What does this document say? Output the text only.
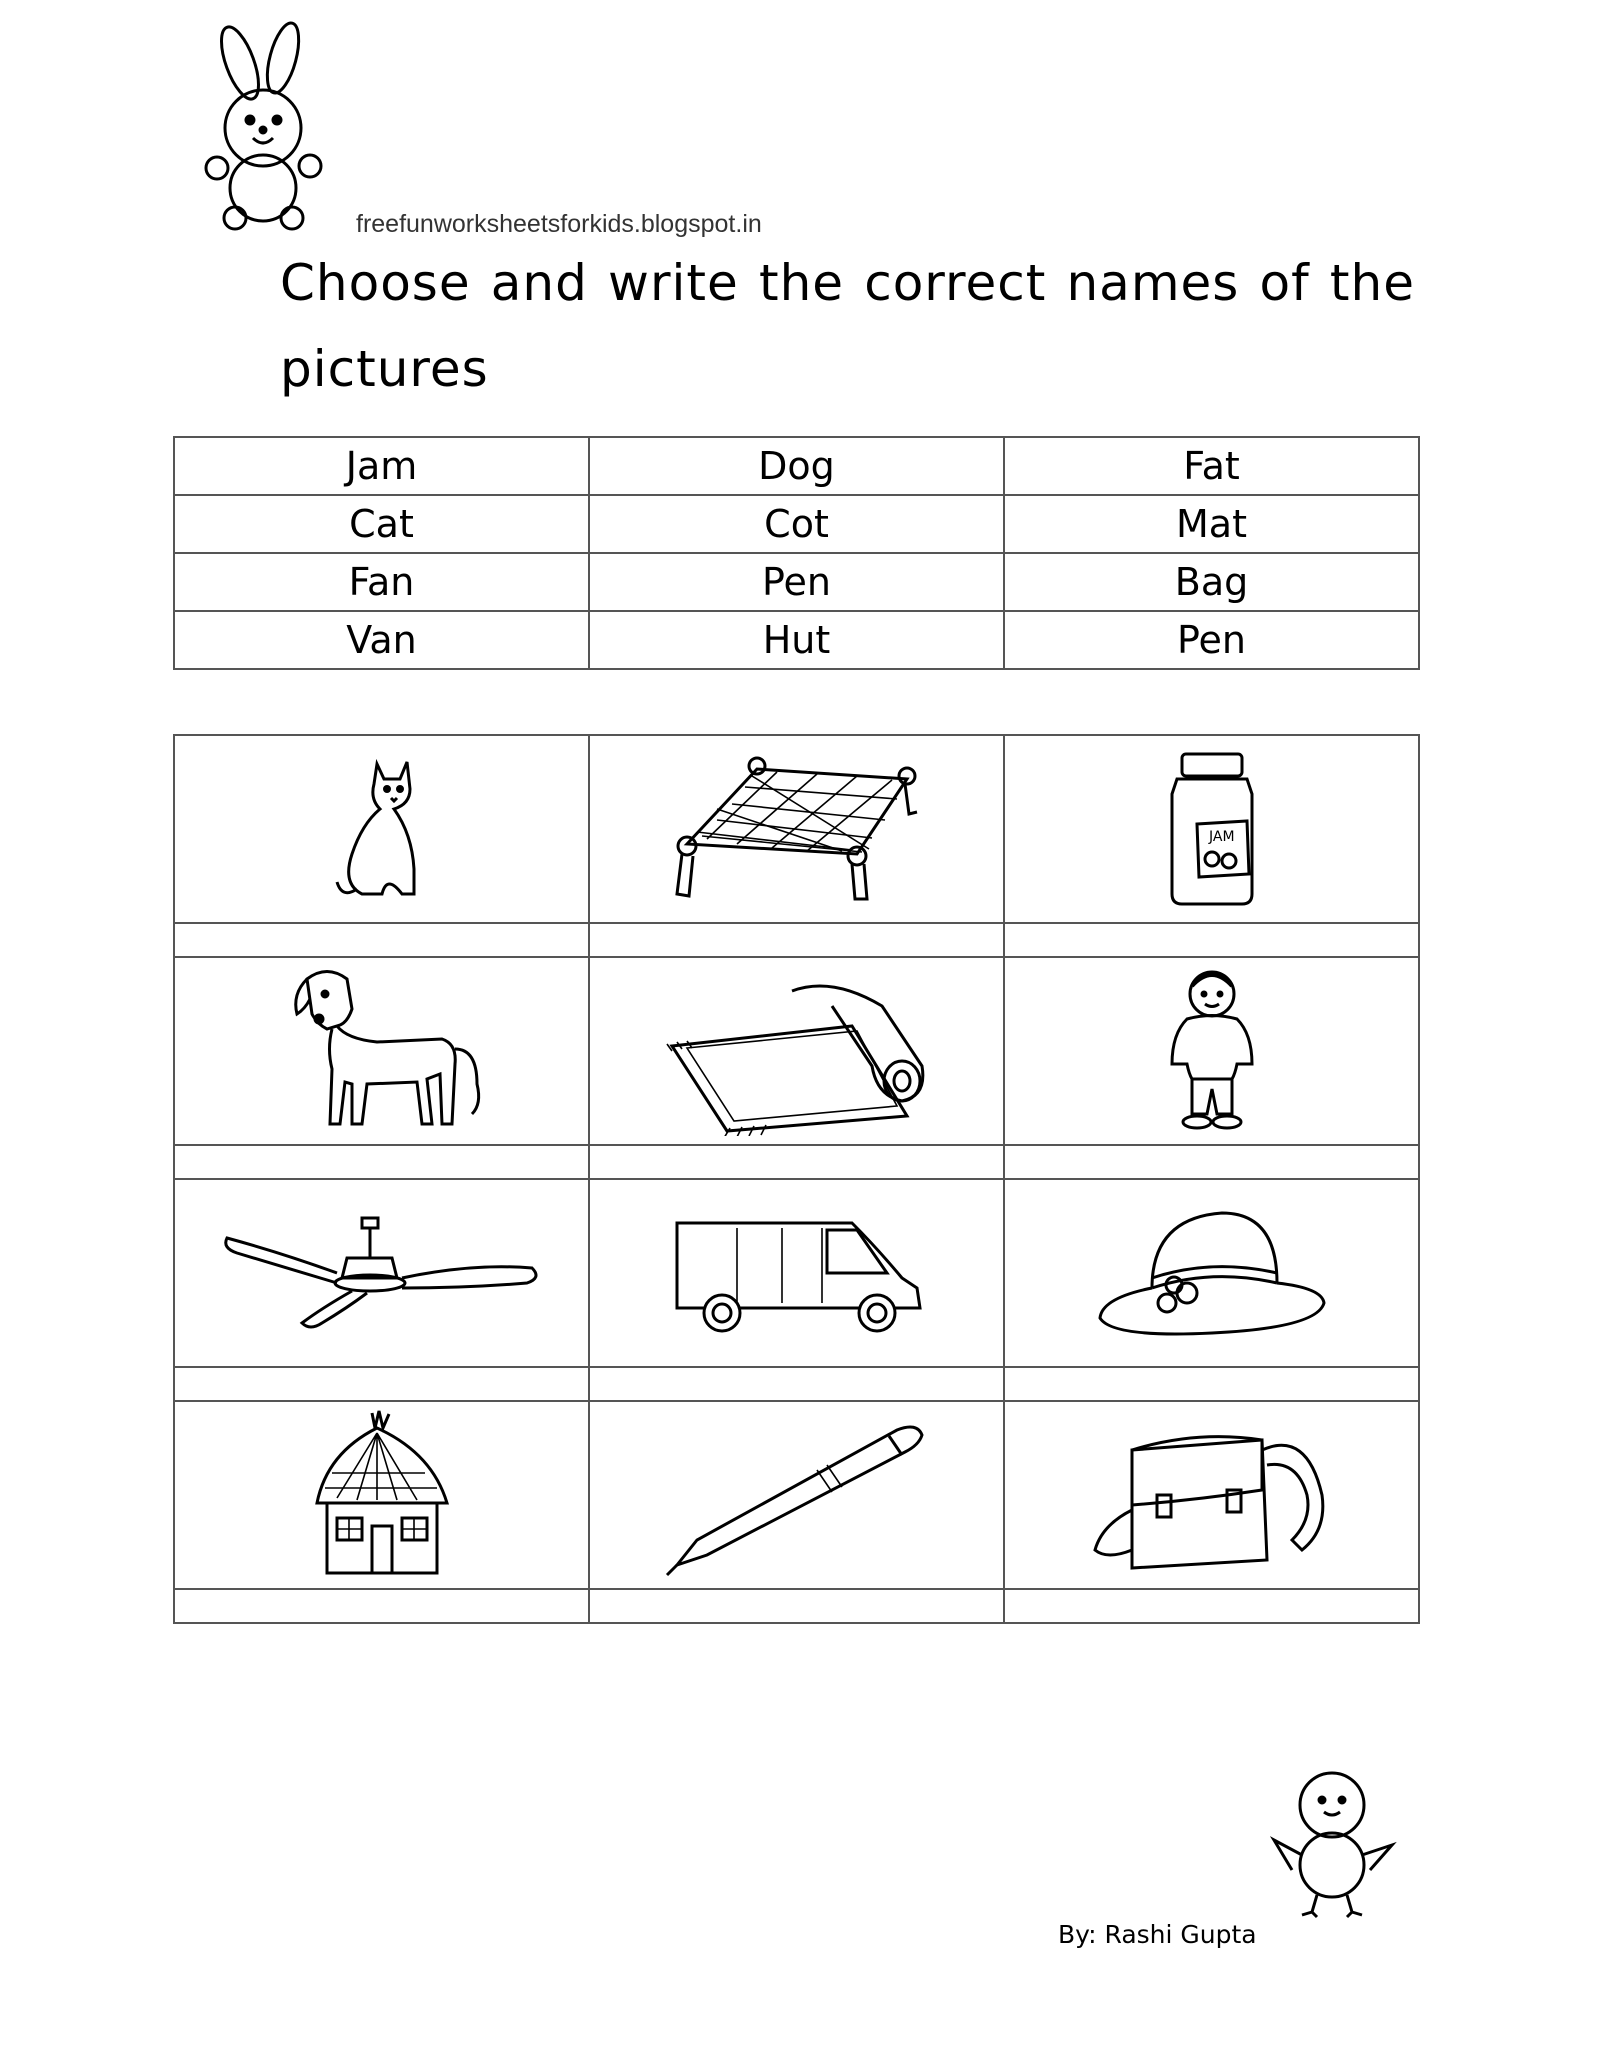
freefunworksheetsforkids.blogspot.in
Choose and write the correct names of the pictures
Jam	Dog	Fat
Cat	Cot	Mat
Fan	Pen	Bag
Van	Hut	Pen

JAM

By: Rashi Gupta
